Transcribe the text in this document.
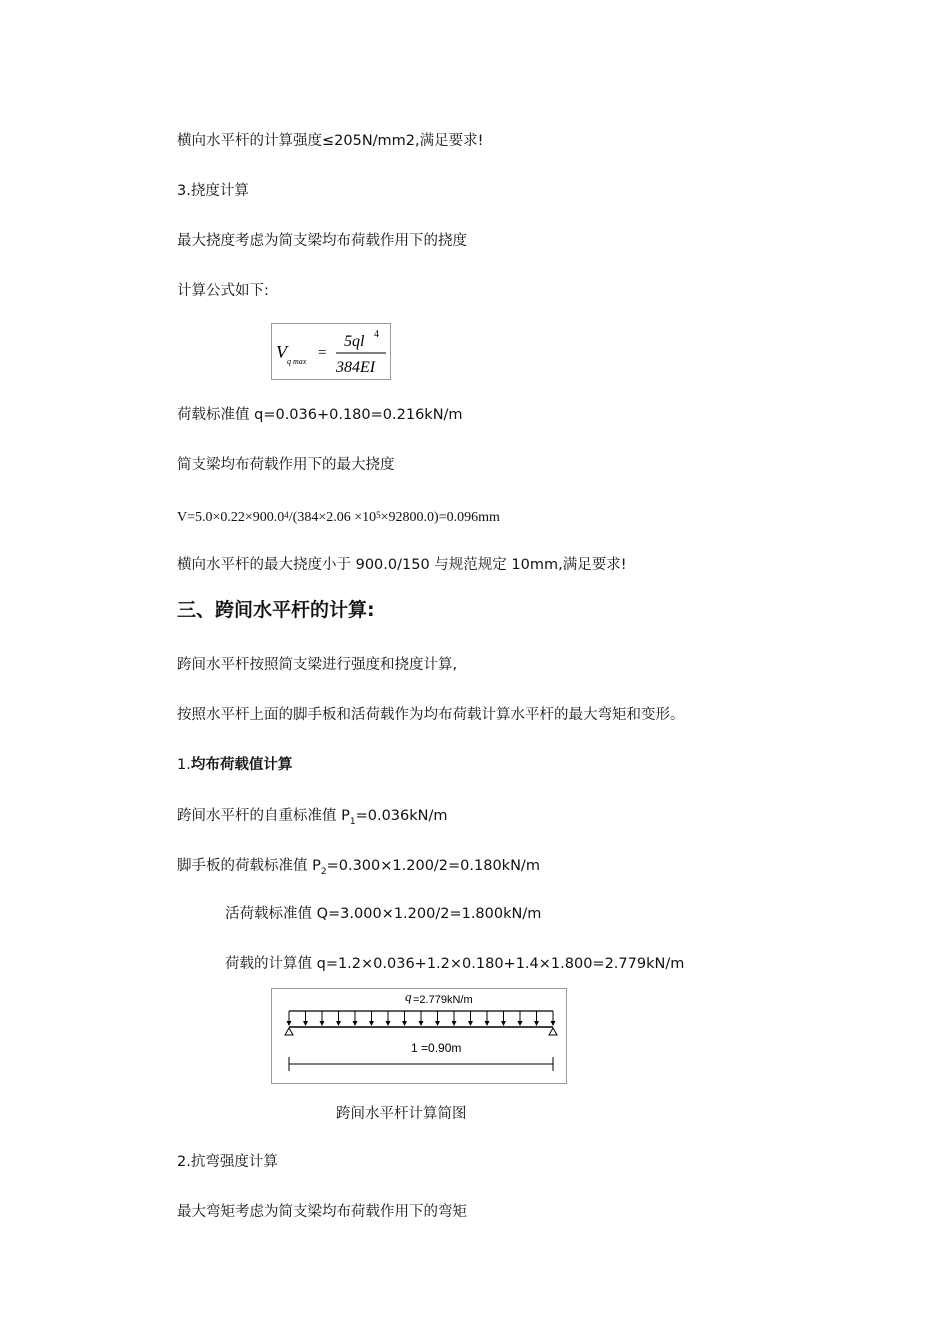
横向水平杆的计算强度≤205N/mm2,满足要求!
3.挠度计算
最大挠度考虑为简支梁均布荷载作用下的挠度
计算公式如下:
V q max
=
5ql 4
384EI
荷载标准值 q=0.036+0.180=0.216kN/m
简支梁均布荷载作用下的最大挠度
$V=5.0\times 0.22\times 900.0^4/(384\times 2.06 \times 10^5\times 92800.0)=0.096mm$
横向水平杆的最大挠度小于 900.0/150 与规范规定 10mm,满足要求!
三、跨间水平杆的计算:
跨间水平杆按照简支梁进行强度和挠度计算,
按照水平杆上面的脚手板和活荷载作为均布荷载计算水平杆的最大弯矩和变形。
1.均布荷载值计算
跨间水平杆的自重标准值 $P_1=0.036kN/m$
脚手板的荷载标准值 $P_2=0.300\times 1.200/2=0.180kN/m$
活荷载标准值 Q=3.000×1.200/2=1.800kN/m
荷载的计算值 q=1.2×0.036+1.2×0.180+1.4×1.800=2.779kN/m
q =2.779kN/m
1 =0.90m
跨间水平杆计算简图
2.抗弯强度计算
最大弯矩考虑为简支梁均布荷载作用下的弯矩
